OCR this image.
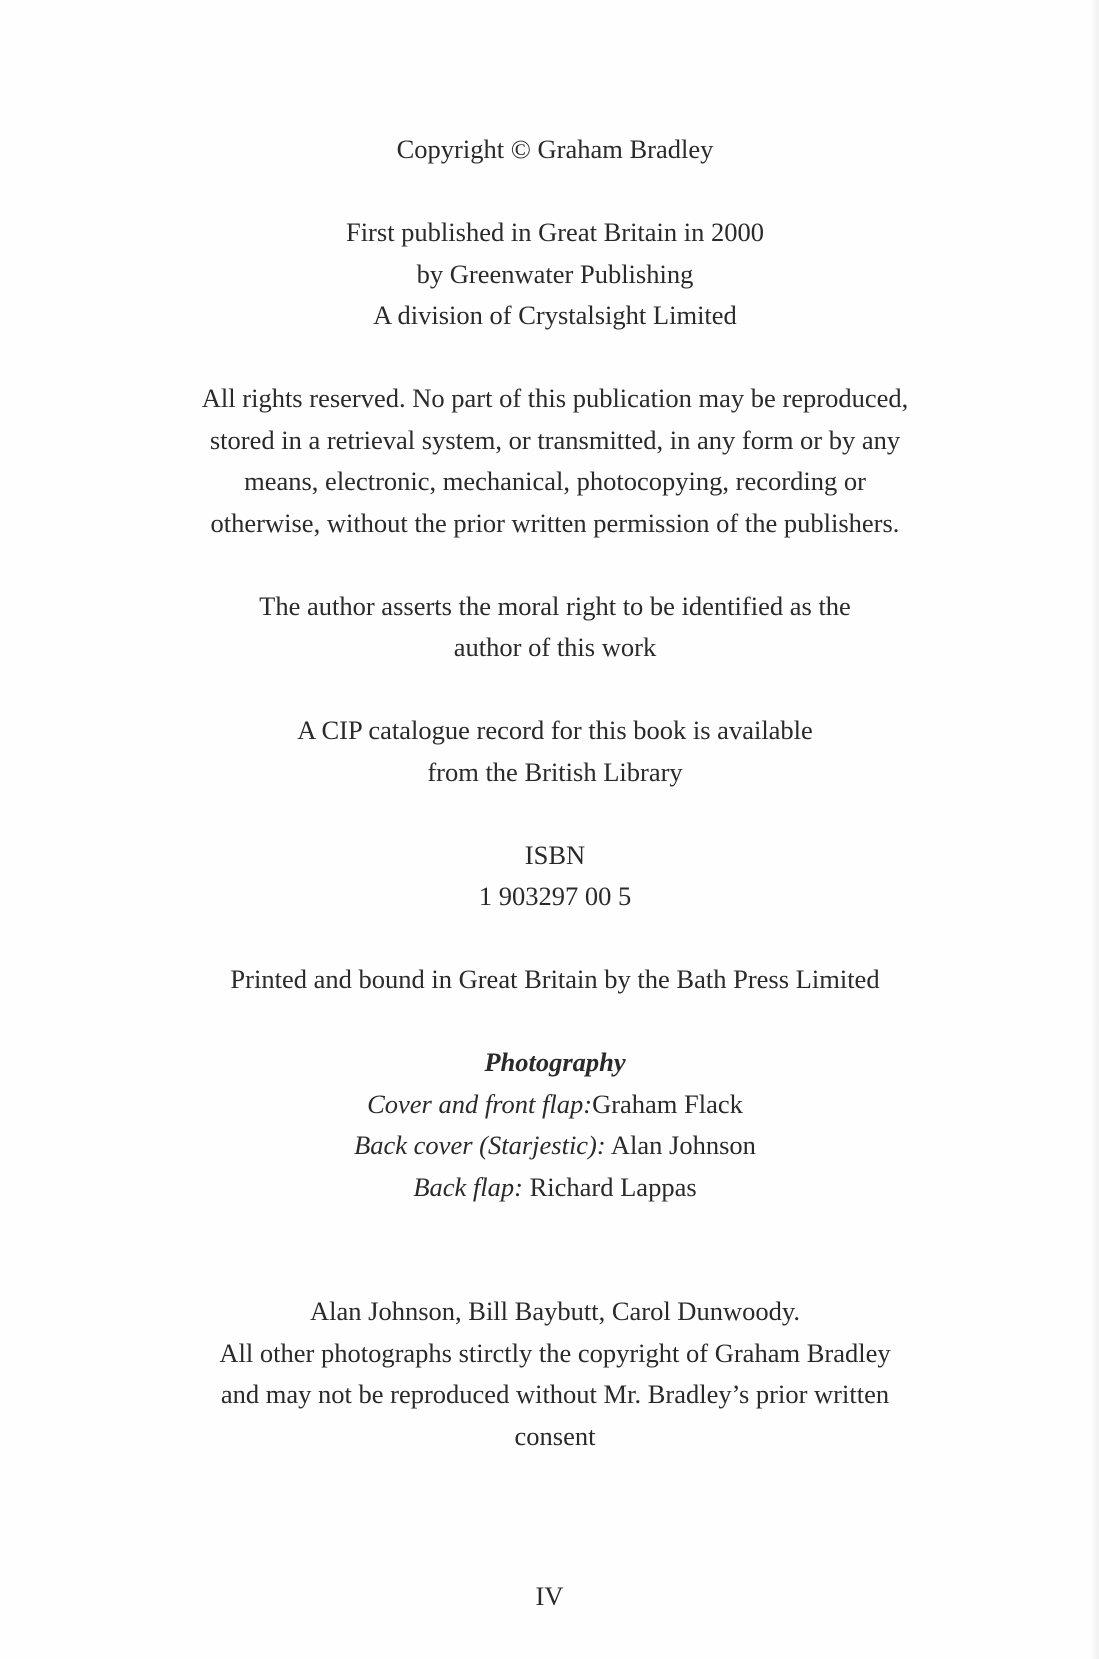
Copyright © Graham Bradley
First published in Great Britain in 2000
by Greenwater Publishing
A division of Crystalsight Limited
All rights reserved. No part of this publication may be reproduced,
stored in a retrieval system, or transmitted, in any form or by any
means, electronic, mechanical, photocopying, recording or
otherwise, without the prior written permission of the publishers.
The author asserts the moral right to be identified as the
author of this work
A CIP catalogue record for this book is available
from the British Library
ISBN
1 903297 00 5
Printed and bound in Great Britain by the Bath Press Limited
Photography
Cover and front flap:Graham Flack
Back cover (Starjestic): Alan Johnson
Back flap: Richard Lappas
Alan Johnson, Bill Baybutt, Carol Dunwoody.
All other photographs stirctly the copyright of Graham Bradley
and may not be reproduced without Mr. Bradley’s prior written
consent
IV
